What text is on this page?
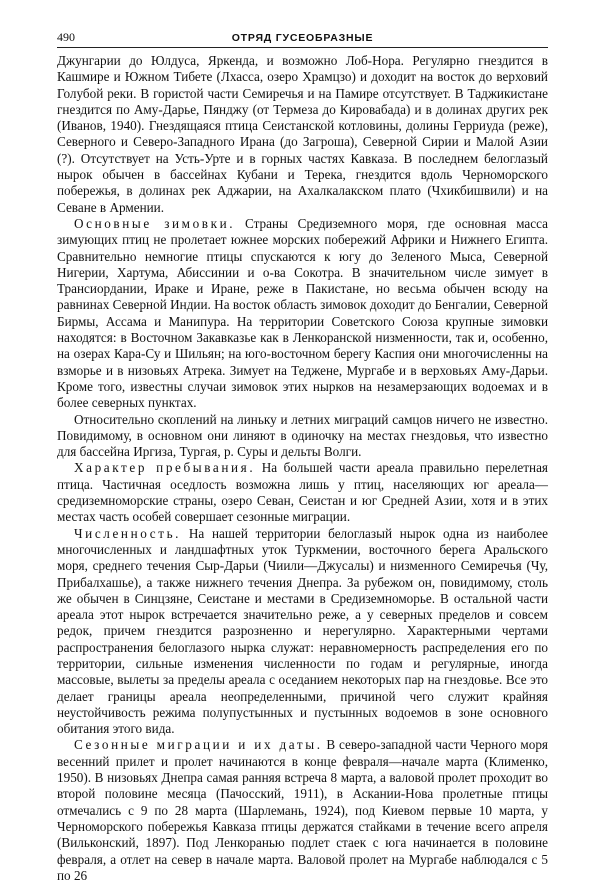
490	ОТРЯД ГУСЕОБРАЗНЫЕ

Джунгарии до Юлдуса, Яркенда, и возможно Лоб-Нора. Регулярно гнездится в Кашмире и Южном Тибете (Лхасса, озеро Храмцзо) и доходит на восток до верховий Голубой реки. В гористой части Семиречья и на Памире отсутствует. В Таджикистане гнездится по Аму-Дарье, Пянджу (от Термеза до Кировабада) и в долинах других рек (Иванов, 1940). Гнездящаяся птица Сеистанской котловины, долины Герриуда (реже), Северного и Северо-Западного Ирана (до Загроша), Северной Сирии и Малой Азии (?). Отсутствует на Усть-Урте и в горных частях Кавказа. В последнем белоглазый нырок обычен в бассейнах Кубани и Терека, гнездится вдоль Черноморского побережья, в долинах рек Аджарии, на Ахалкалакском плато (Чхикбишвили) и на Севане в Армении.

Основные зимовки. Страны Средиземного моря, где основная масса зимующих птиц не пролетает южнее морских побережий Африки и Нижнего Египта. Сравнительно немногие птицы спускаются к югу до Зеленого Мыса, Северной Нигерии, Хартума, Абиссинии и о-ва Сокотра. В значительном числе зимует в Трансиордании, Ираке и Иране, реже в Пакистане, но весьма обычен всюду на равнинах Северной Индии. На восток область зимовок доходит до Бенгалии, Северной Бирмы, Ассама и Манипура. На территории Советского Союза крупные зимовки находятся: в Восточном Закавказье как в Ленкоранской низменности, так и, особенно, на озерах Кара-Су и Шильян; на юго-восточном берегу Каспия они многочисленны на взморье и в низовьях Атрека. Зимует на Теджене, Мургабе и в верховьях Аму-Дарьи. Кроме того, известны случаи зимовок этих нырков на незамерзающих водоемах и в более северных пунктах.

Относительно скоплений на линьку и летних миграций самцов ничего не известно. Повидимому, в основном они линяют в одиночку на местах гнездовья, что известно для бассейна Иргиза, Тургая, р. Суры и дельты Волги.

Характер пребывания. На большей части ареала правильно перелетная птица. Частичная оседлость возможна лишь у птиц, населяющих юг ареала—средиземноморские страны, озеро Севан, Сеистан и юг Средней Азии, хотя и в этих местах часть особей совершает сезонные миграции.

Численность. На нашей территории белоглазый нырок одна из наиболее многочисленных и ландшафтных уток Туркмении, восточного берега Аральского моря, среднего течения Сыр-Дарьи (Чиили—Джусалы) и низменного Семиречья (Чу, Прибалхашье), а также нижнего течения Днепра. За рубежом он, повидимому, столь же обычен в Синцзяне, Сеистане и местами в Средиземноморье. В остальной части ареала этот нырок встречается значительно реже, а у северных пределов и совсем редок, причем гнездится разрозненно и нерегулярно. Характерными чертами распространения белоглазого нырка служат: неравномерность распределения его по территории, сильные изменения численности по годам и регулярные, иногда массовые, вылеты за пределы ареала с оседанием некоторых пар на гнездовье. Все это делает границы ареала неопределенными, причиной чего служит крайняя неустойчивость режима полупустынных и пустынных водоемов в зоне основного обитания этого вида.

Сезонные миграции и их даты. В северо-западной части Черного моря весенний прилет и пролет начинаются в конце февраля—начале марта (Клименко, 1950). В низовьях Днепра самая ранняя встреча 8 марта, а валовой пролет проходит во второй половине месяца (Пачосский, 1911), в Аскании-Нова пролетные птицы отмечались с 9 по 28 марта (Шарлемань, 1924), под Киевом первые 10 марта, у Черноморского побережья Кавказа птицы держатся стайками в течение всего апреля (Вильконский, 1897). Под Ленкоранью подлет стаек с юга начинается в половине февраля, а отлет на север в начале марта. Валовой пролет на Мургабе наблюдался с 5 по 26
